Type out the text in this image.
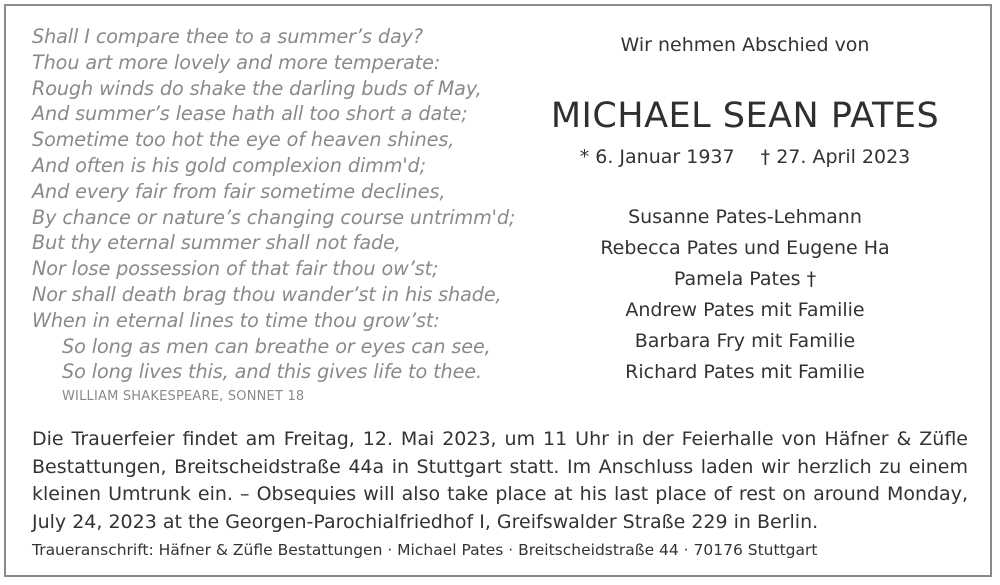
Shall I compare thee to a summer’s day?
Thou art more lovely and more temperate:
Rough winds do shake the darling buds of May,
And summer’s lease hath all too short a date;
Sometime too hot the eye of heaven shines,
And often is his gold complexion dimm'd;
And every fair from fair sometime declines,
By chance or nature’s changing course untrimm'd;
But thy eternal summer shall not fade,
Nor lose possession of that fair thou ow’st;
Nor shall death brag thou wander’st in his shade,
When in eternal lines to time thou grow’st:
So long as men can breathe or eyes can see,
So long lives this, and this gives life to thee.
WILLIAM SHAKESPEARE, SONNET 18
Wir nehmen Abschied von
MICHAEL SEAN PATES
* 6. Januar 1937 † 27. April 2023
Susanne Pates-Lehmann
Rebecca Pates und Eugene Ha
Pamela Pates †
Andrew Pates mit Familie
Barbara Fry mit Familie
Richard Pates mit Familie
Die Trauerfeier findet am Freitag, 12. Mai 2023, um 11 Uhr in der Feierhalle von Häfner & Züfle Bestattungen, Breitscheidstraße 44a in Stuttgart statt. Im Anschluss laden wir herzlich zu einem kleinen Umtrunk ein. – Obsequies will also take place at his last place of rest on around Monday, July 24, 2023 at the Georgen-Parochialfriedhof I, Greifswalder Straße 229 in Berlin.
Traueranschrift: Häfner & Züfle Bestattungen · Michael Pates · Breitscheidstraße 44 · 70176 Stuttgart
